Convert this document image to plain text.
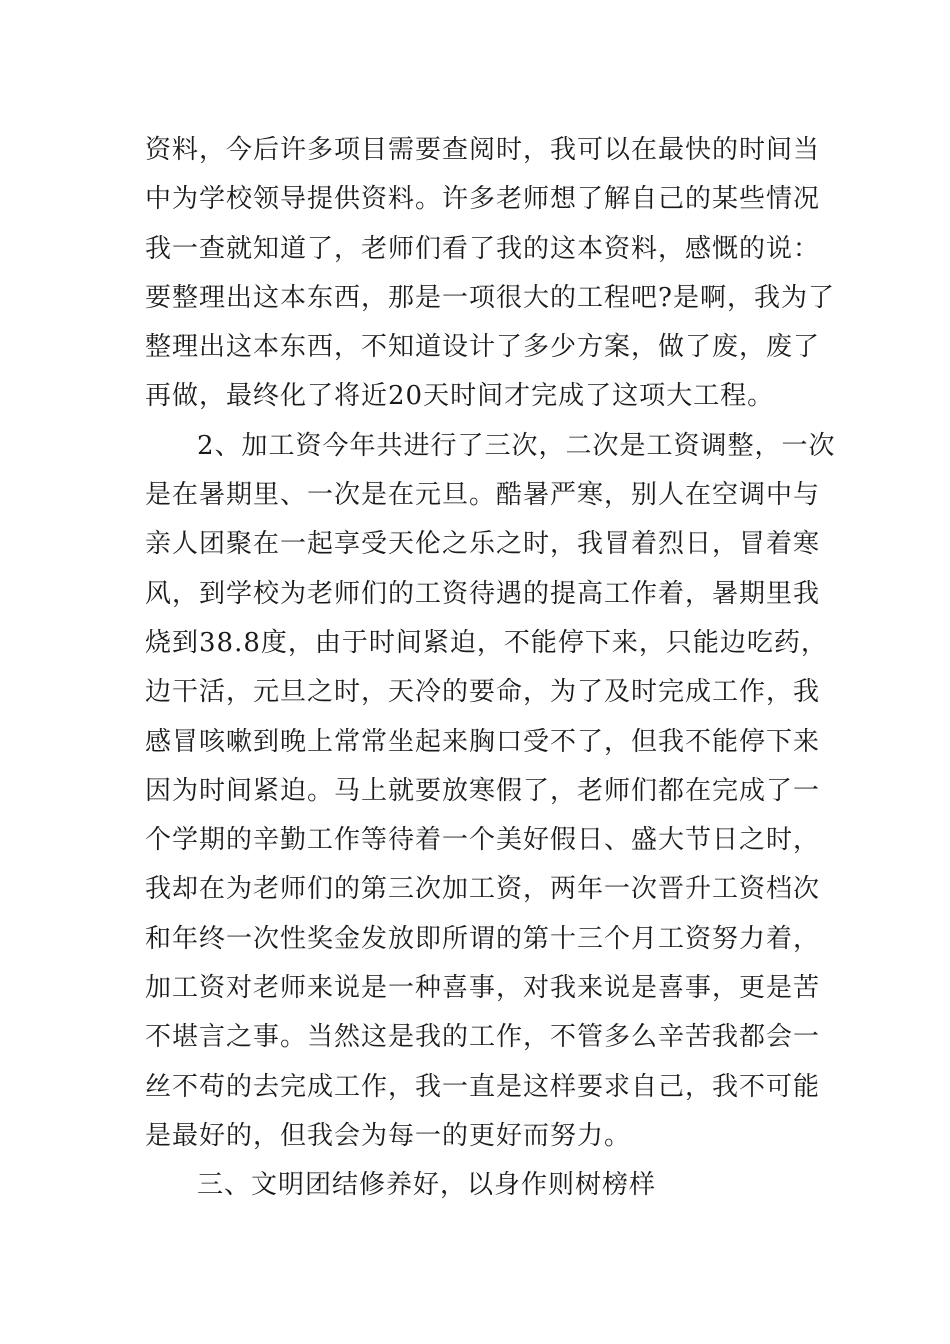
资料，今后许多项目需要查阅时，我可以在最快的时间当
中为学校领导提供资料。许多老师想了解自己的某些情况
我一查就知道了，老师们看了我的这本资料，感慨的说：
要整理出这本东西，那是一项很大的工程吧?是啊，我为了
整理出这本东西，不知道设计了多少方案，做了废，废了
再做，最终化了将近20天时间才完成了这项大工程。
2、加工资今年共进行了三次，二次是工资调整，一次
是在暑期里、一次是在元旦。酷暑严寒，别人在空调中与
亲人团聚在一起享受天伦之乐之时，我冒着烈日，冒着寒
风，到学校为老师们的工资待遇的提高工作着，暑期里我
烧到38.8度，由于时间紧迫，不能停下来，只能边吃药，
边干活，元旦之时，天冷的要命，为了及时完成工作，我
感冒咳嗽到晚上常常坐起来胸口受不了，但我不能停下来
因为时间紧迫。马上就要放寒假了，老师们都在完成了一
个学期的辛勤工作等待着一个美好假日、盛大节日之时，
我却在为老师们的第三次加工资，两年一次晋升工资档次
和年终一次性奖金发放即所谓的第十三个月工资努力着，
加工资对老师来说是一种喜事，对我来说是喜事，更是苦
不堪言之事。当然这是我的工作，不管多么辛苦我都会一
丝不苟的去完成工作，我一直是这样要求自己，我不可能
是最好的，但我会为每一的更好而努力。
三、文明团结修养好，以身作则树榜样
